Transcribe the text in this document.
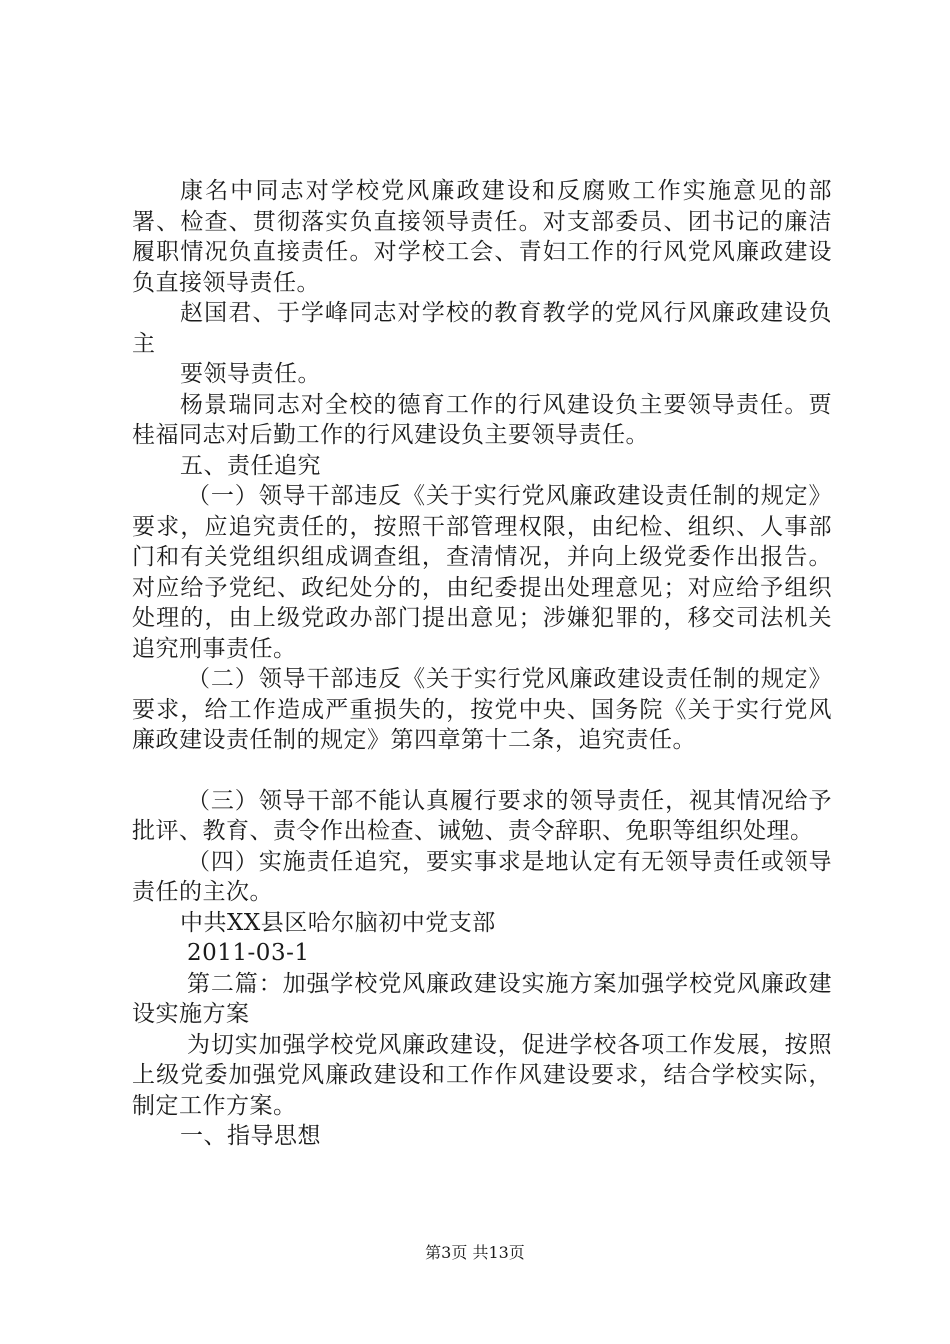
康名中同志对学校党风廉政建设和反腐败工作实施意见的部署、检查、贯彻落实负直接领导责任。对支部委员、团书记的廉洁履职情况负直接责任。对学校工会、青妇工作的行风党风廉政建设负直接领导责任。

赵国君、于学峰同志对学校的教育教学的党风行风廉政建设负主

要领导责任。

杨景瑞同志对全校的德育工作的行风建设负主要领导责任。贾桂福同志对后勤工作的行风建设负主要领导责任。

五、责任追究

（一）领导干部违反《关于实行党风廉政建设责任制的规定》要求，应追究责任的，按照干部管理权限，由纪检、组织、人事部门和有关党组织组成调查组，查清情况，并向上级党委作出报告。对应给予党纪、政纪处分的，由纪委提出处理意见；对应给予组织处理的，由上级党政办部门提出意见；涉嫌犯罪的，移交司法机关追究刑事责任。

（二）领导干部违反《关于实行党风廉政建设责任制的规定》要求，给工作造成严重损失的，按党中央、国务院《关于实行党风廉政建设责任制的规定》第四章第十二条，追究责任。

（三）领导干部不能认真履行要求的领导责任，视其情况给予批评、教育、责令作出检查、诫勉、责令辞职、免职等组织处理。

（四）实施责任追究，要实事求是地认定有无领导责任或领导责任的主次。

中共XX县区哈尔脑初中党支部

2011-03-1

第二篇：加强学校党风廉政建设实施方案加强学校党风廉政建设实施方案

为切实加强学校党风廉政建设，促进学校各项工作发展，按照上级党委加强党风廉政建设和工作作风建设要求，结合学校实际，制定工作方案。

一、指导思想

第3页 共13页
